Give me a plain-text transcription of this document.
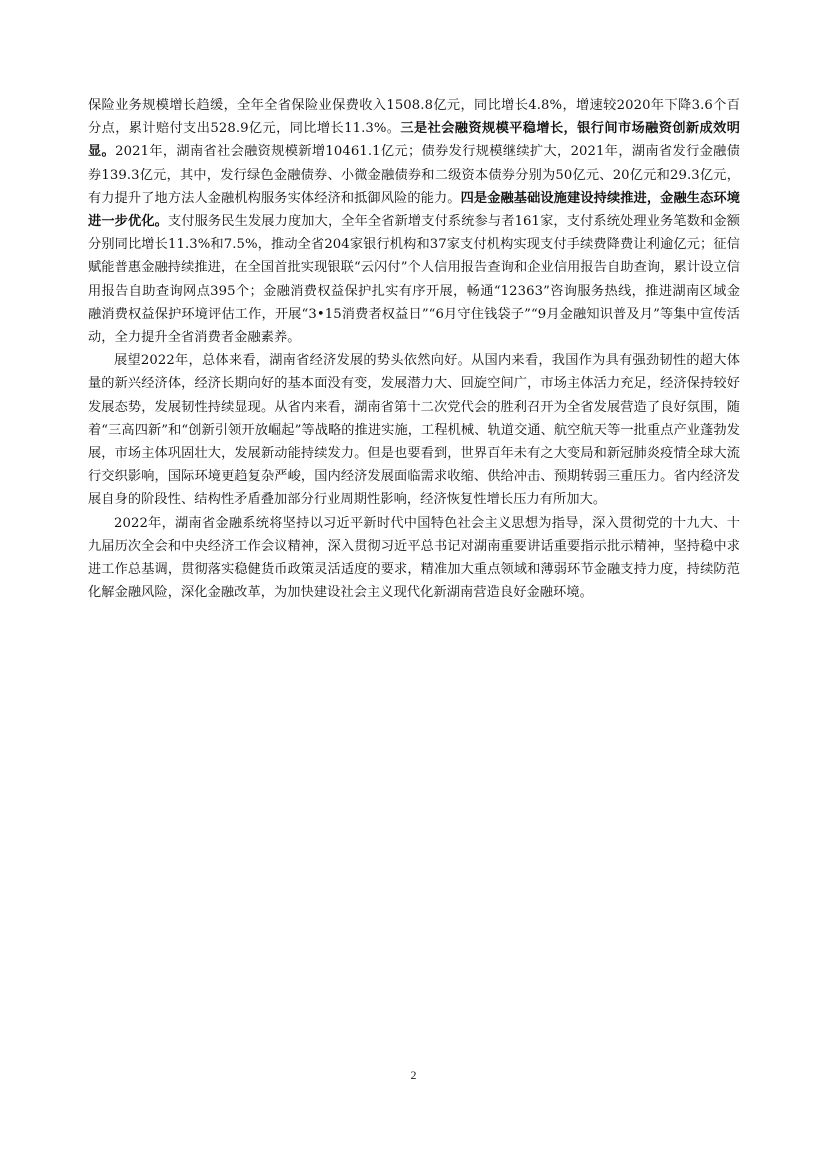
保险业务规模增长趋缓，全年全省保险业保费收入1508.8亿元，同比增长4.8%，增速较2020年下降3.6个百分点，累计赔付支出528.9亿元，同比增长11.3%。三是社会融资规模平稳增长，银行间市场融资创新成效明显。2021年，湖南省社会融资规模新增10461.1亿元；债券发行规模继续扩大，2021年，湖南省发行金融债券139.3亿元，其中，发行绿色金融债券、小微金融债券和二级资本债券分别为50亿元、20亿元和29.3亿元，有力提升了地方法人金融机构服务实体经济和抵御风险的能力。四是金融基础设施建设持续推进，金融生态环境进一步优化。支付服务民生发展力度加大，全年全省新增支付系统参与者161家，支付系统处理业务笔数和金额分别同比增长11.3%和7.5%，推动全省204家银行机构和37家支付机构实现支付手续费降费让利逾亿元；征信赋能普惠金融持续推进，在全国首批实现银联“云闪付”个人信用报告查询和企业信用报告自助查询，累计设立信用报告自助查询网点395个；金融消费权益保护扎实有序开展，畅通“12363”咨询服务热线，推进湖南区域金融消费权益保护环境评估工作，开展“3•15消费者权益日”“6月守住钱袋子”“9月金融知识普及月”等集中宣传活动，全力提升全省消费者金融素养。

展望2022年，总体来看，湖南省经济发展的势头依然向好。从国内来看，我国作为具有强劲韧性的超大体量的新兴经济体，经济长期向好的基本面没有变，发展潜力大、回旋空间广，市场主体活力充足，经济保持较好发展态势，发展韧性持续显现。从省内来看，湖南省第十二次党代会的胜利召开为全省发展营造了良好氛围，随着“三高四新”和“创新引领开放崛起”等战略的推进实施，工程机械、轨道交通、航空航天等一批重点产业蓬勃发展，市场主体巩固壮大，发展新动能持续发力。但是也要看到，世界百年未有之大变局和新冠肺炎疫情全球大流行交织影响，国际环境更趋复杂严峻，国内经济发展面临需求收缩、供给冲击、预期转弱三重压力。省内经济发展自身的阶段性、结构性矛盾叠加部分行业周期性影响，经济恢复性增长压力有所加大。

2022年，湖南省金融系统将坚持以习近平新时代中国特色社会主义思想为指导，深入贯彻党的十九大、十九届历次全会和中央经济工作会议精神，深入贯彻习近平总书记对湖南重要讲话重要指示批示精神，坚持稳中求进工作总基调，贯彻落实稳健货币政策灵活适度的要求，精准加大重点领域和薄弱环节金融支持力度，持续防范化解金融风险，深化金融改革，为加快建设社会主义现代化新湖南营造良好金融环境。

2
